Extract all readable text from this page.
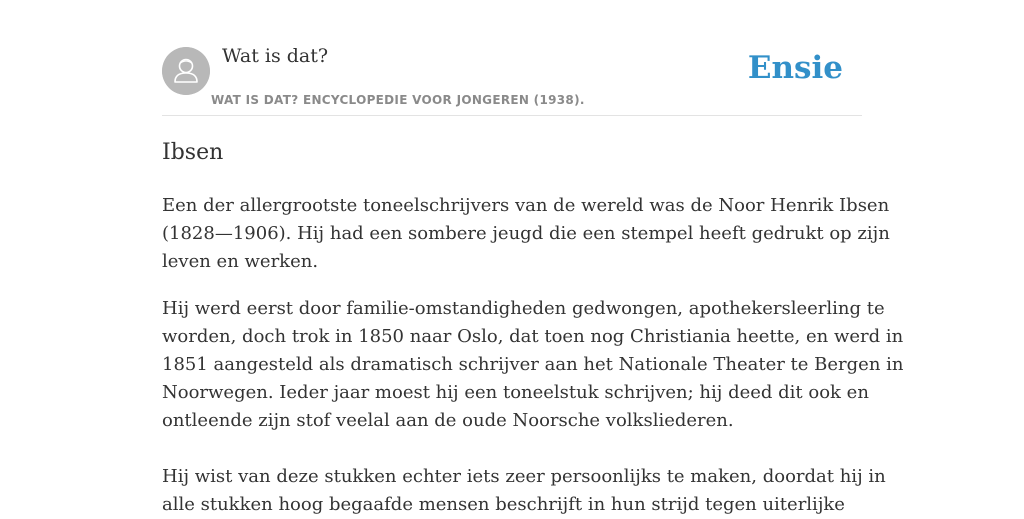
Wat is dat?
WAT IS DAT? ENCYCLOPEDIE VOOR JONGEREN (1938).
Ensie
Ibsen

Een der allergrootste toneelschrijvers van de wereld was de Noor Henrik Ibsen
(1828—1906). Hij had een sombere jeugd die een stempel heeft gedrukt op zijn
leven en werken.

Hij werd eerst door familie-omstandigheden gedwongen, apothekersleerling te
worden, doch trok in 1850 naar Oslo, dat toen nog Christiania heette, en werd in
1851 aangesteld als dramatisch schrijver aan het Nationale Theater te Bergen in
Noorwegen. Ieder jaar moest hij een toneelstuk schrijven; hij deed dit ook en
ontleende zijn stof veelal aan de oude Noorsche volksliederen.

Hij wist van deze stukken echter iets zeer persoonlijks te maken, doordat hij in
alle stukken hoog begaafde mensen beschrijft in hun strijd tegen uiterlijke
